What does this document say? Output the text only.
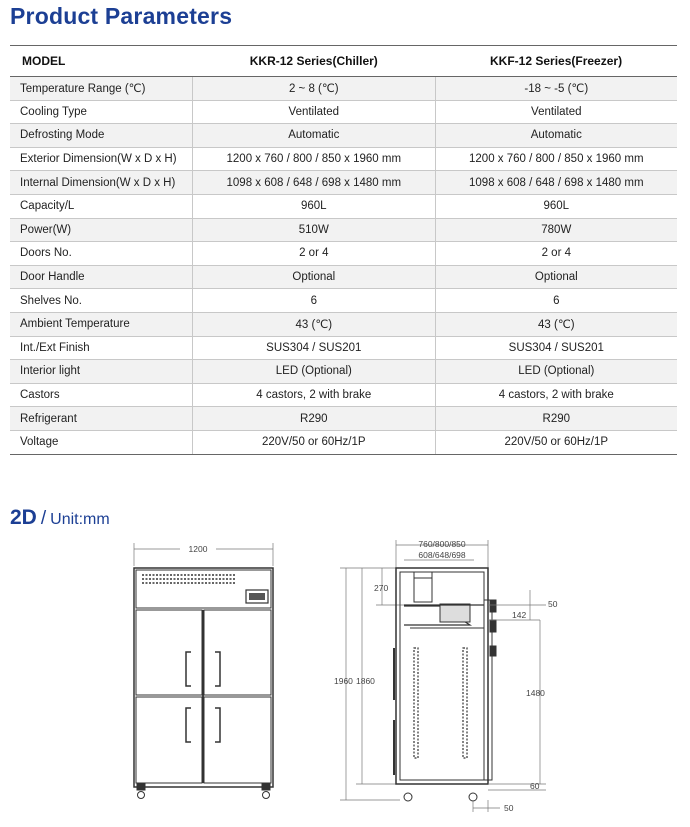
Product Parameters
MODEL	KKR-12 Series(Chiller)	KKF-12 Series(Freezer)
Temperature Range (℃)	2 ~ 8 (℃)	-18 ~ -5 (℃)
Cooling Type	Ventilated	Ventilated
Defrosting Mode	Automatic	Automatic
Exterior Dimension(W x D x H)	1200 x 760 / 800 / 850 x 1960 mm	1200 x 760 / 800 / 850 x 1960 mm
Internal Dimension(W x D x H)	1098 x 608 / 648 / 698 x 1480 mm	1098 x 608 / 648 / 698 x 1480 mm
Capacity/L	960L	960L
Power(W)	510W	780W
Doors No.	2 or 4	2 or 4
Door Handle	Optional	Optional
Shelves No.	6	6
Ambient Temperature	43 (℃)	43 (℃)
Int./Ext Finish	SUS304 / SUS201	SUS304 / SUS201
Interior light	LED (Optional)	LED (Optional)
Castors	4 castors, 2 with brake	4 castors, 2 with brake
Refrigerant	R290	R290
Voltage	220V/50 or 60Hz/1P	220V/50 or 60Hz/1P
2D / Unit:mm
1200	760/800/850
608/648/698
270
50
142
1960 1860
1480
60
50
